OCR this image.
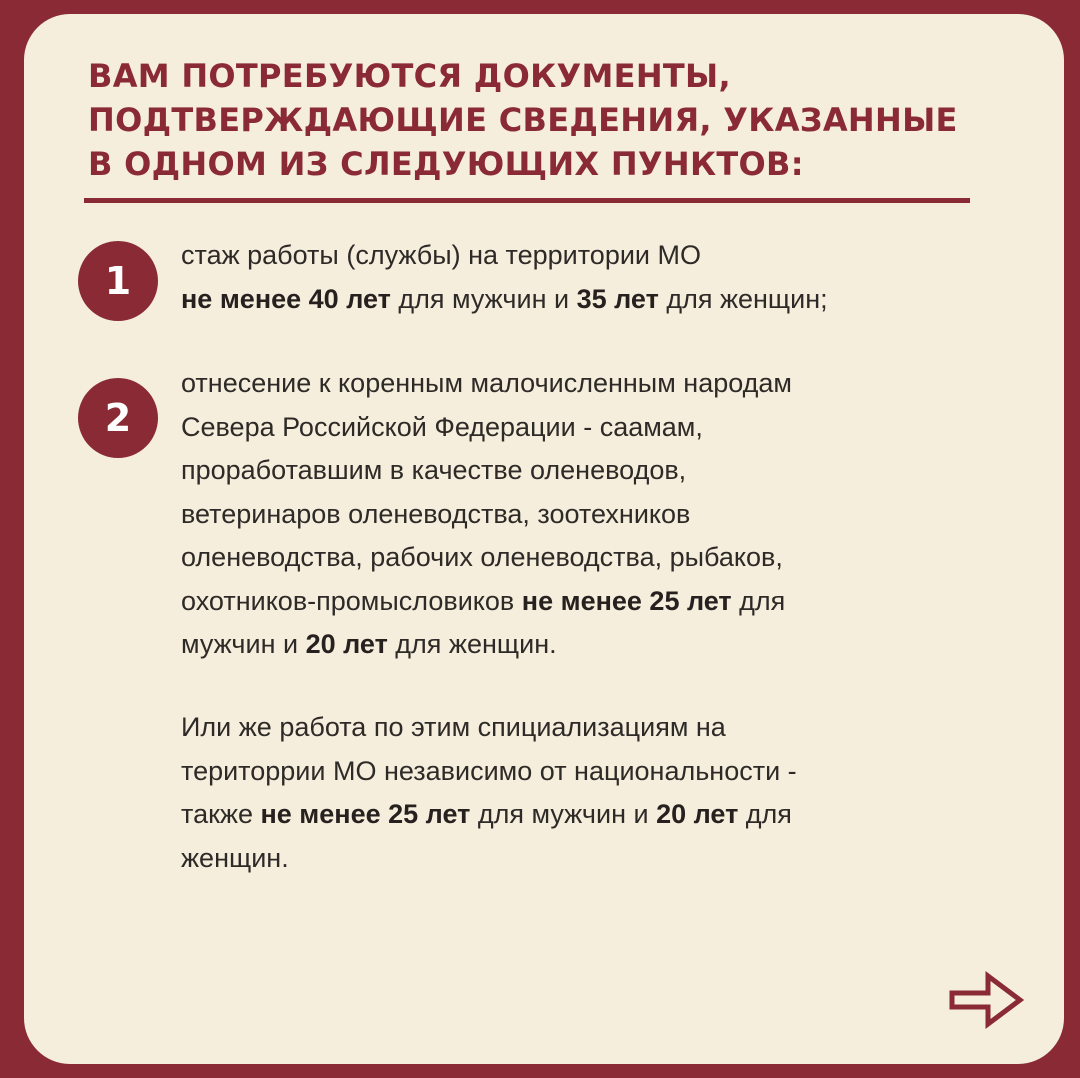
ВАМ ПОТРЕБУЮТСЯ ДОКУМЕНТЫ,
ПОДТВЕРЖДАЮЩИЕ СВЕДЕНИЯ, УКАЗАННЫЕ
В ОДНОМ ИЗ СЛЕДУЮЩИХ ПУНКТОВ:
1

стаж работы (службы) на территории МО
не менее 40 лет для мужчин и 35 лет для женщин;

2

отнесение к коренным малочисленным народам
Севера Российской Федерации - саамам,
проработавшим в качестве оленеводов,
ветеринаров оленеводства, зоотехников
оленеводства, рабочих оленеводства, рыбаков,
охотников-промысловиков не менее 25 лет для
мужчин и 20 лет для женщин.

Или же работа по этим спициализациям на
територрии МО независимо от национальности -
также не менее 25 лет для мужчин и 20 лет для
женщин.
